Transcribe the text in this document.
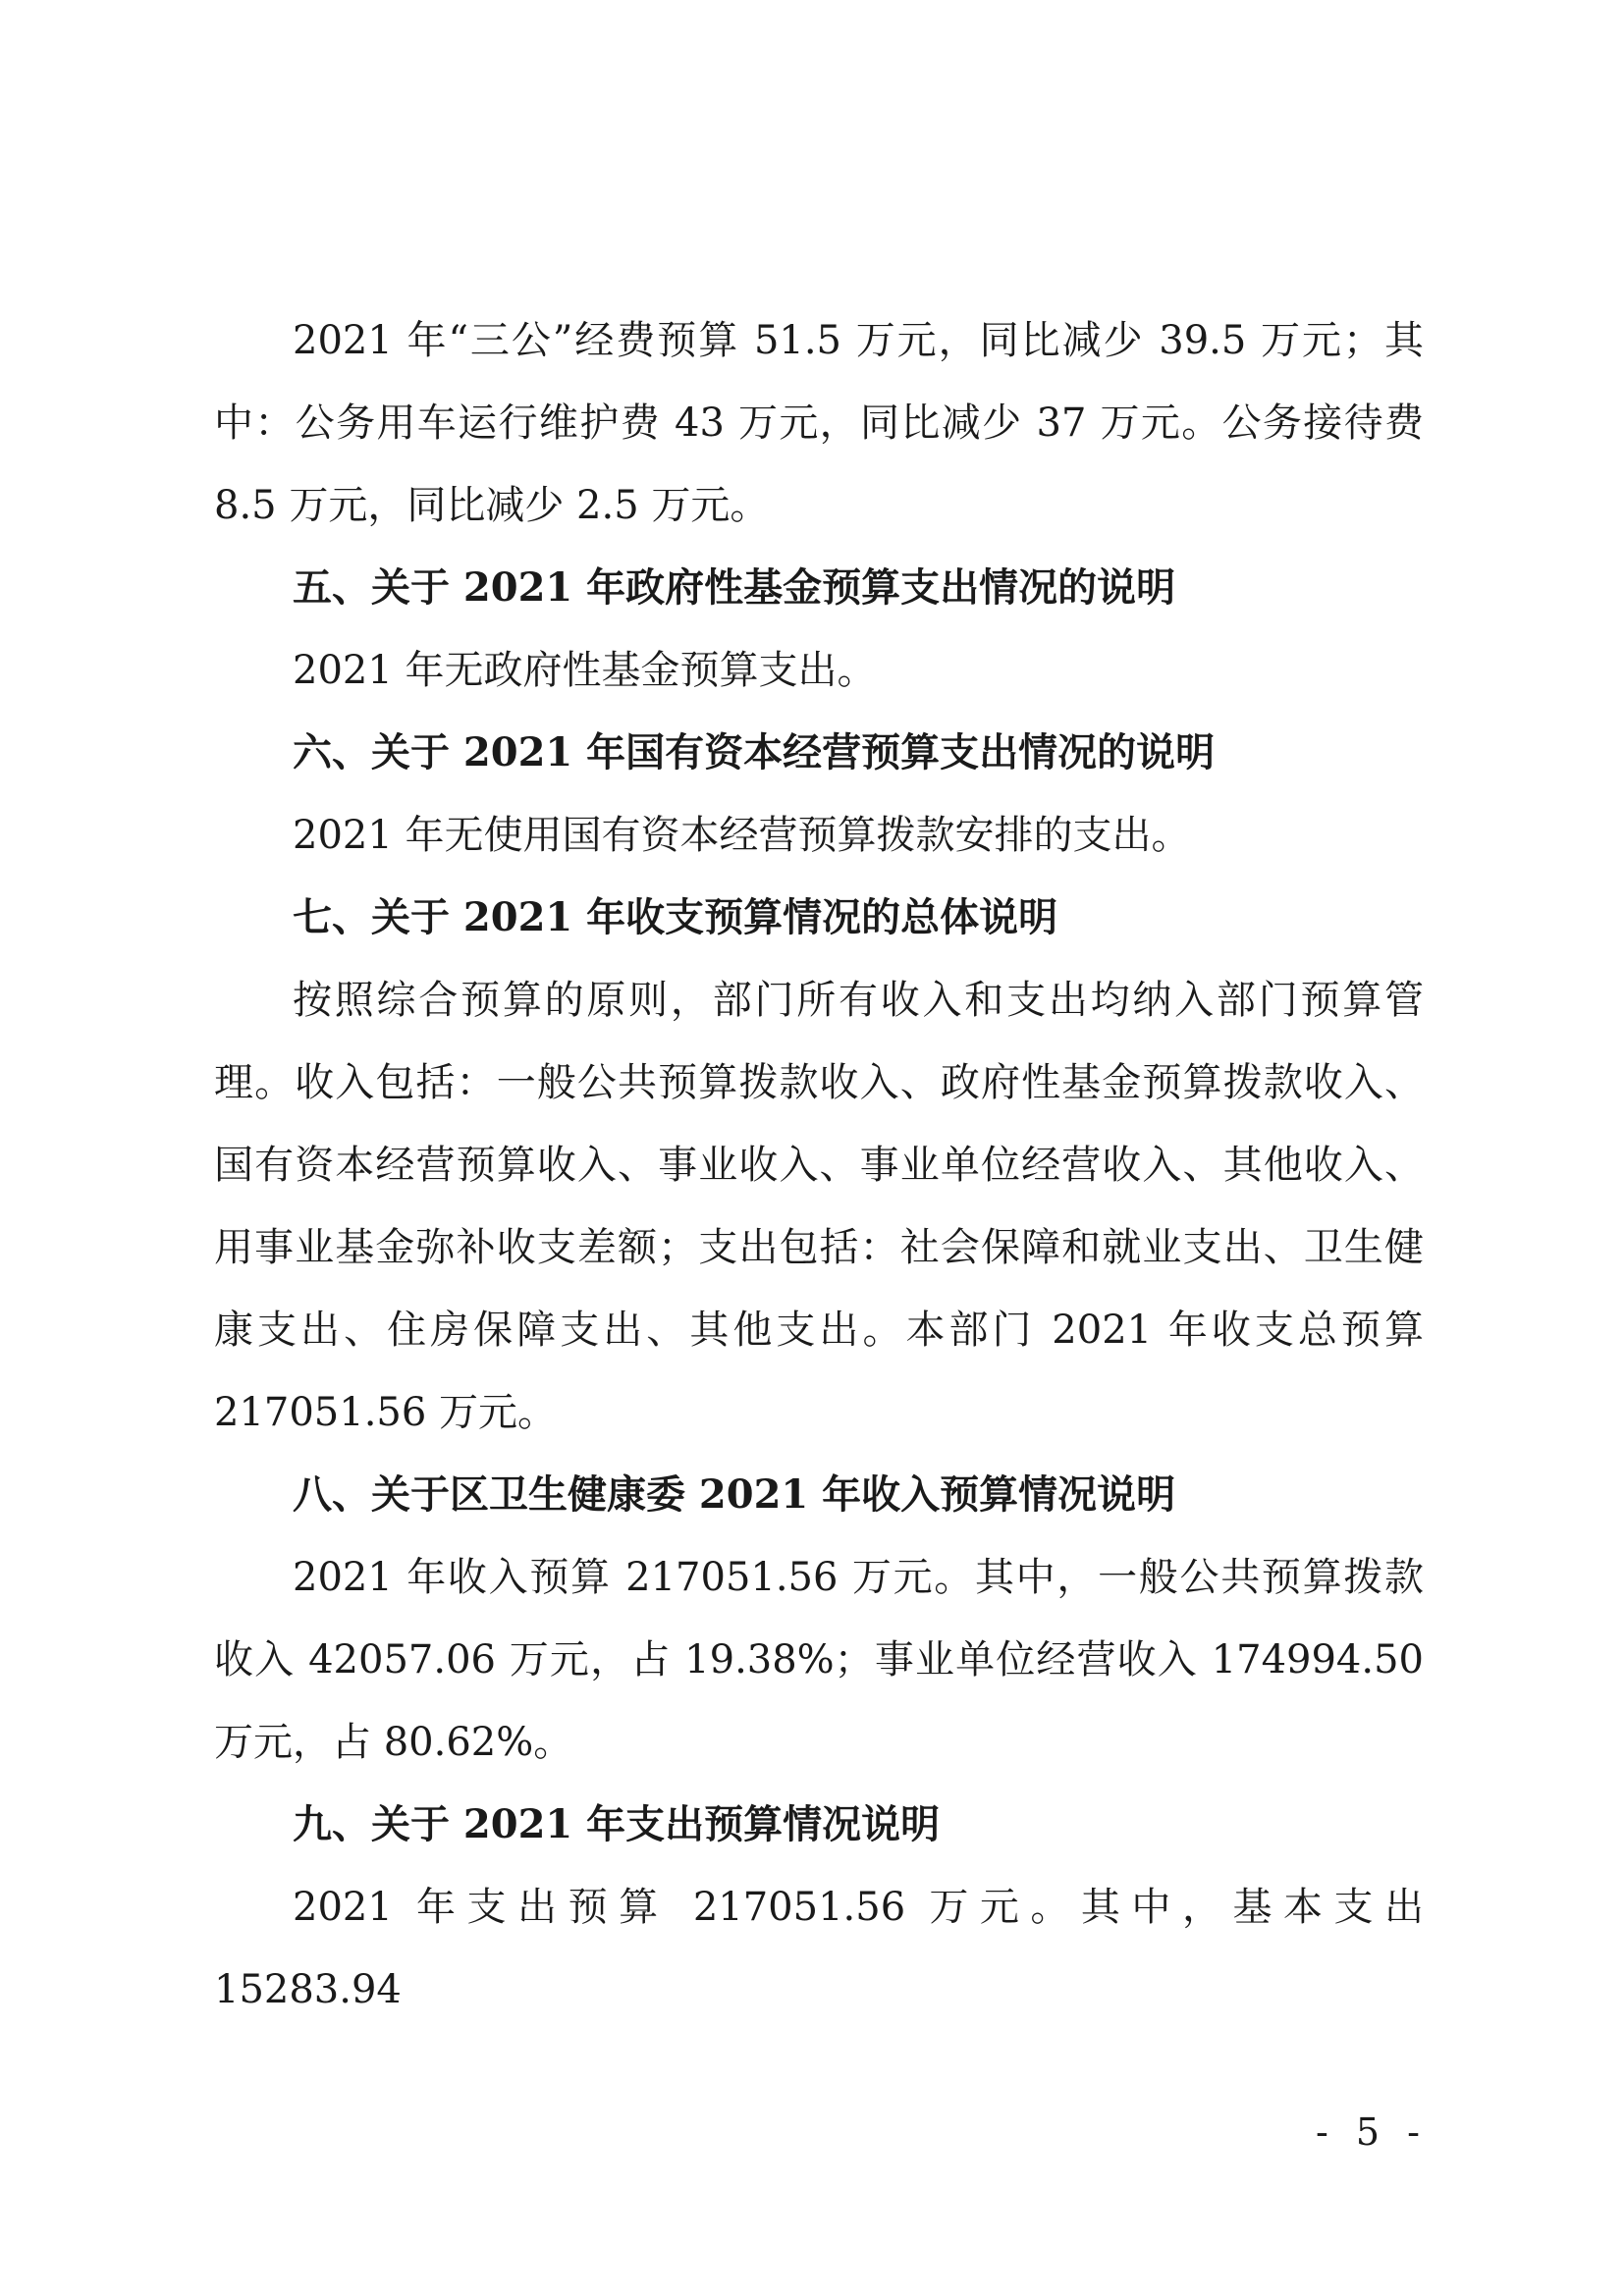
2021 年“三公”经费预算 51.5 万元，同比减少 39.5 万元；其中：公务用车运行维护费 43 万元，同比减少 37 万元。公务接待费 8.5 万元，同比减少 2.5 万元。

五、关于 2021 年政府性基金预算支出情况的说明

2021 年无政府性基金预算支出。

六、关于 2021 年国有资本经营预算支出情况的说明

2021 年无使用国有资本经营预算拨款安排的支出。

七、关于 2021 年收支预算情况的总体说明

按照综合预算的原则，部门所有收入和支出均纳入部门预算管理。收入包括：一般公共预算拨款收入、政府性基金预算拨款收入、国有资本经营预算收入、事业收入、事业单位经营收入、其他收入、用事业基金弥补收支差额；支出包括：社会保障和就业支出、卫生健康支出、住房保障支出、其他支出。本部门 2021 年收支总预算 217051.56 万元。

八、关于区卫生健康委 2021 年收入预算情况说明

2021 年收入预算 217051.56 万元。其中，一般公共预算拨款收入 42057.06 万元，占 19.38%；事业单位经营收入 174994.50 万元，占 80.62%。

九、关于 2021 年支出预算情况说明

2021 年支出预算 217051.56 万元。其中，基本支出 15283.94

- 5 -
